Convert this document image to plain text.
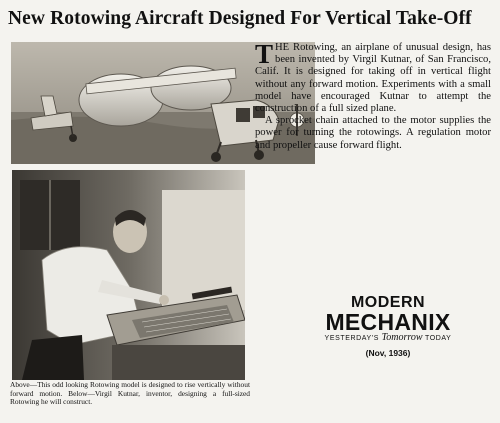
New Rotowing Aircraft Designed For Vertical Take-Off

THE Rotowing, an airplane of unusual design, has been invented by Virgil Kutnar, of San Francisco, Calif. It is designed for taking off in vertical flight without any forward motion. Experiments with a small model have encouraged Kutnar to attempt the construction of a full sized plane.

A sprocket chain attached to the motor supplies the power for turning the rotowings. A regulation motor and propeller cause forward flight.

Above—This odd looking Rotowing model is designed to rise vertically without forward motion. Below—Virgil Kutnar, inventor, designing a full-sized Rotowing he will construct.
MODERN
MECHANIX
YESTERDAY'S Tomorrow TODAY
(Nov, 1936)
